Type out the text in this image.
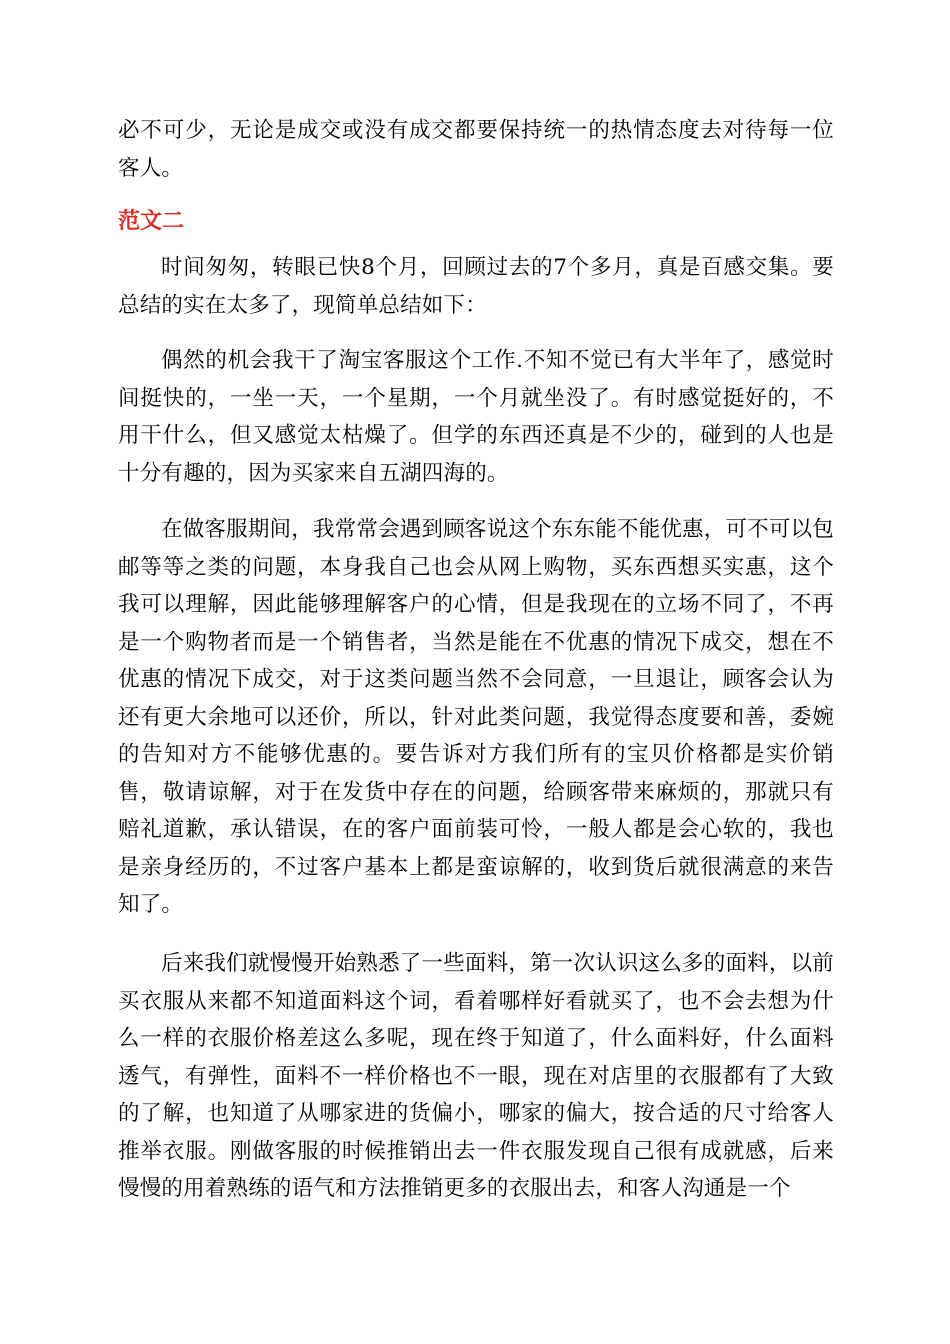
必不可少，无论是成交或没有成交都要保持统一的热情态度去对待每一位客人。

范文二

时间匆匆，转眼已快8个月，回顾过去的7个多月，真是百感交集。要总结的实在太多了，现简单总结如下：

偶然的机会我干了淘宝客服这个工作.不知不觉已有大半年了，感觉时间挺快的，一坐一天，一个星期，一个月就坐没了。有时感觉挺好的，不用干什么，但又感觉太枯燥了。但学的东西还真是不少的，碰到的人也是十分有趣的，因为买家来自五湖四海的。

在做客服期间，我常常会遇到顾客说这个东东能不能优惠，可不可以包邮等等之类的问题，本身我自己也会从网上购物，买东西想买实惠，这个我可以理解，因此能够理解客户的心情，但是我现在的立场不同了，不再是一个购物者而是一个销售者，当然是能在不优惠的情况下成交，想在不优惠的情况下成交，对于这类问题当然不会同意，一旦退让，顾客会认为还有更大余地可以还价，所以，针对此类问题，我觉得态度要和善，委婉的告知对方不能够优惠的。要告诉对方我们所有的宝贝价格都是实价销售，敬请谅解，对于在发货中存在的问题，给顾客带来麻烦的，那就只有赔礼道歉，承认错误，在的客户面前装可怜，一般人都是会心软的，我也是亲身经历的，不过客户基本上都是蛮谅解的，收到货后就很满意的来告知了。

后来我们就慢慢开始熟悉了一些面料，第一次认识这么多的面料，以前买衣服从来都不知道面料这个词，看着哪样好看就买了，也不会去想为什么一样的衣服价格差这么多呢，现在终于知道了，什么面料好，什么面料透气，有弹性，面料不一样价格也不一眼，现在对店里的衣服都有了大致的了解，也知道了从哪家进的货偏小，哪家的偏大，按合适的尺寸给客人推举衣服。刚做客服的时候推销出去一件衣服发现自己很有成就感，后来慢慢的用着熟练的语气和方法推销更多的衣服出去，和客人沟通是一个
